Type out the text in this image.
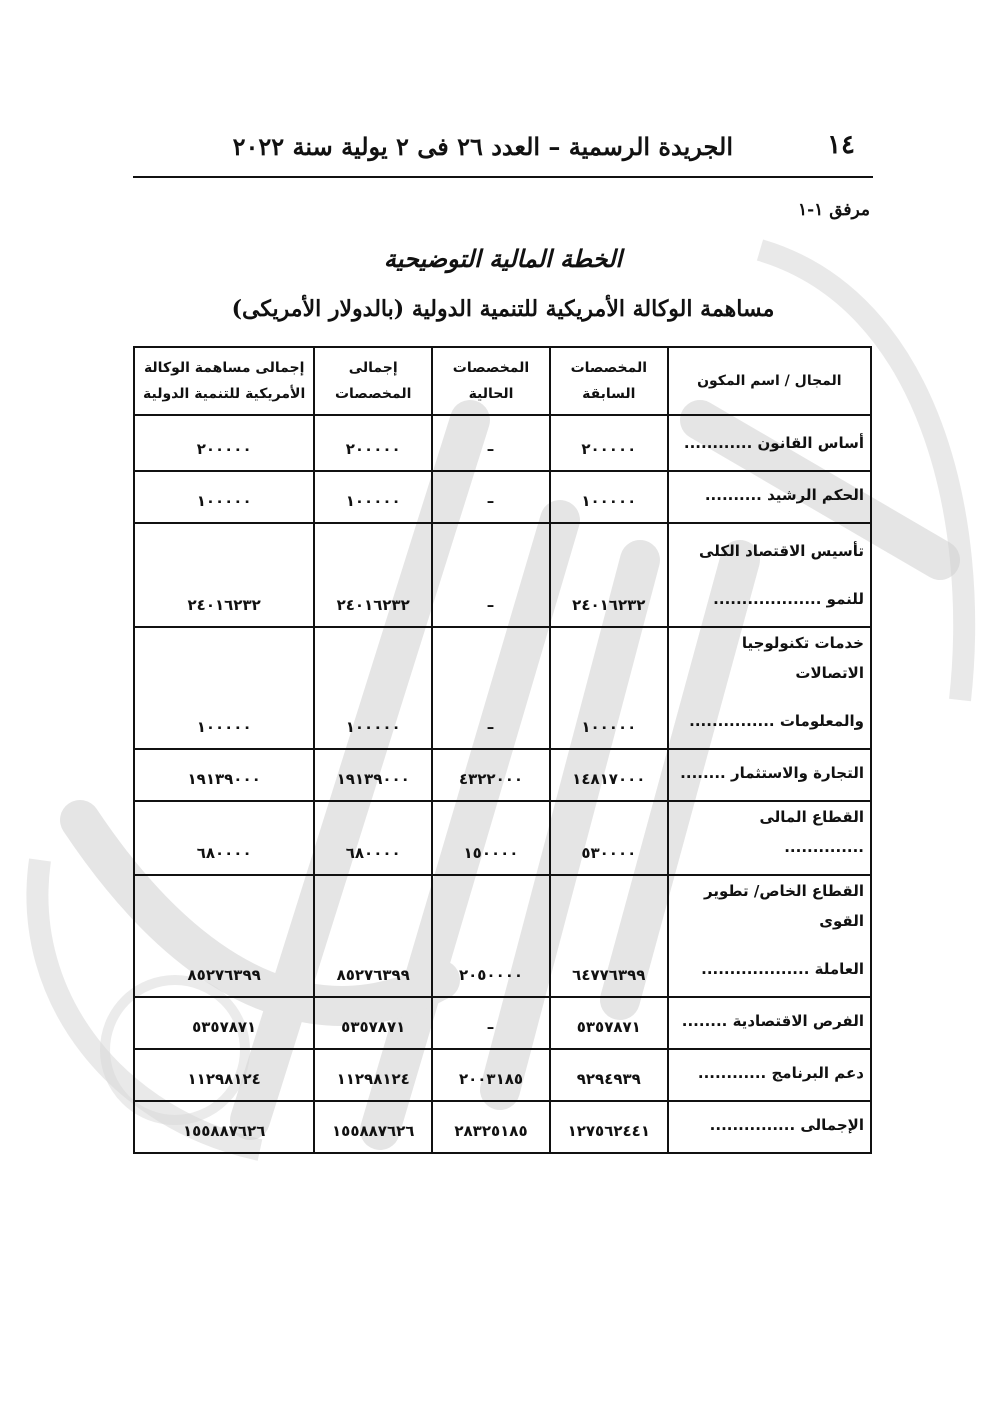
١٤
الجريدة الرسمية – العدد ٢٦ فى ٢ يولية سنة ٢٠٢٢
مرفق ١-١
الخطة المالية التوضيحية
مساهمة الوكالة الأمريكية للتنمية الدولية (بالدولار الأمريكى)
المجال / اسم المكون	المخصصات السابقة	المخصصات الحالية	إجمالى المخصصات	إجمالى مساهمة الوكالة الأمريكية للتنمية الدولية

أساس القانون ............	٢٠٠٠٠٠	–	٢٠٠٠٠٠	٢٠٠٠٠٠

الحكم الرشيد ..........	١٠٠٠٠٠	–	١٠٠٠٠٠	١٠٠٠٠٠

تأسيس الاقتصاد الكلى
للنمو ...................	٢٤٠١٦٢٣٢	–	٢٤٠١٦٢٣٢	٢٤٠١٦٢٣٢

خدمات تكنولوجيا الاتصالات
والمعلومات ...............	١٠٠٠٠٠	–	١٠٠٠٠٠	١٠٠٠٠٠

التجارة والاستثمار ........	١٤٨١٧٠٠٠	٤٣٢٢٠٠٠	١٩١٣٩٠٠٠	١٩١٣٩٠٠٠

القطاع المالى ..............	٥٣٠٠٠٠	١٥٠٠٠٠	٦٨٠٠٠٠	٦٨٠٠٠٠

القطاع الخاص/ تطوير القوى
العاملة ...................	٦٤٧٧٦٣٩٩	٢٠٥٠٠٠٠	٨٥٢٧٦٣٩٩	٨٥٢٧٦٣٩٩

الفرص الاقتصادية ........	٥٣٥٧٨٧١	–	٥٣٥٧٨٧١	٥٣٥٧٨٧١

دعم البرنامج ............	٩٢٩٤٩٣٩	٢٠٠٣١٨٥	١١٢٩٨١٢٤	١١٢٩٨١٢٤

الإجمالى ...............	١٢٧٥٦٢٤٤١	٢٨٣٢٥١٨٥	١٥٥٨٨٧٦٢٦	١٥٥٨٨٧٦٢٦
